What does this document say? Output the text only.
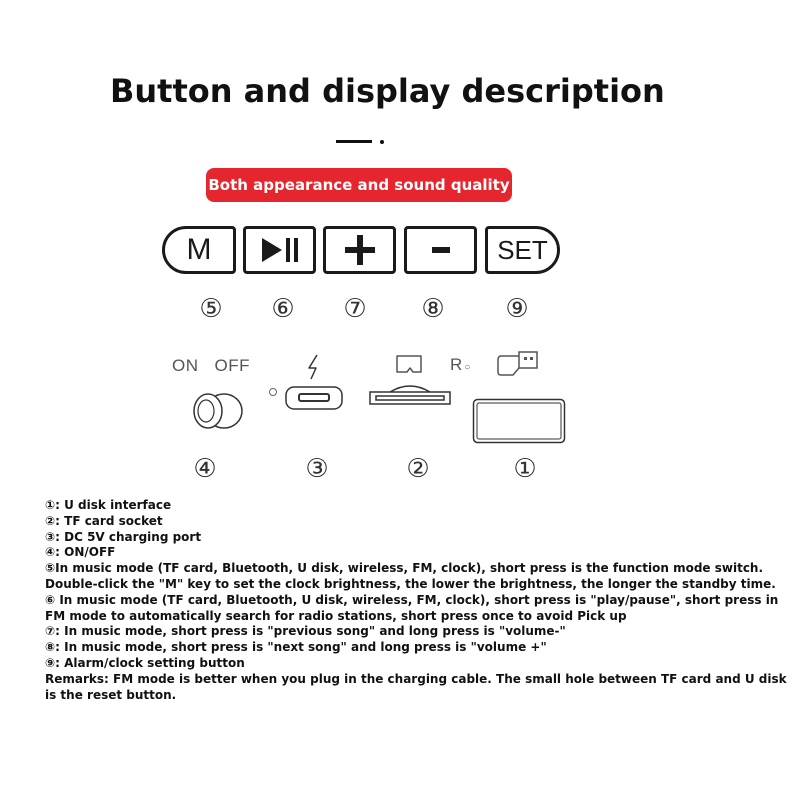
Button and display description
Both appearance and sound quality
M	SET
⑤ ⑥ ⑦ ⑧ ⑨
ON OFF	R ○
④	③	②	①
①: U disk interface
②: TF card socket
③: DC 5V charging port
④: ON/OFF
⑤In music mode (TF card, Bluetooth, U disk, wireless, FM, clock), short press is the function mode switch.
Double-click the "M" key to set the clock brightness, the lower the brightness, the longer the standby time.
⑥ In music mode (TF card, Bluetooth, U disk, wireless, FM, clock), short press is "play/pause", short press in FM mode to automatically search for radio stations, short press once to avoid Pick up
⑦: In music mode, short press is "previous song" and long press is "volume-"
⑧: In music mode, short press is "next song" and long press is "volume +"
⑨: Alarm/clock setting button
Remarks: FM mode is better when you plug in the charging cable. The small hole between TF card and U disk is the reset button.
